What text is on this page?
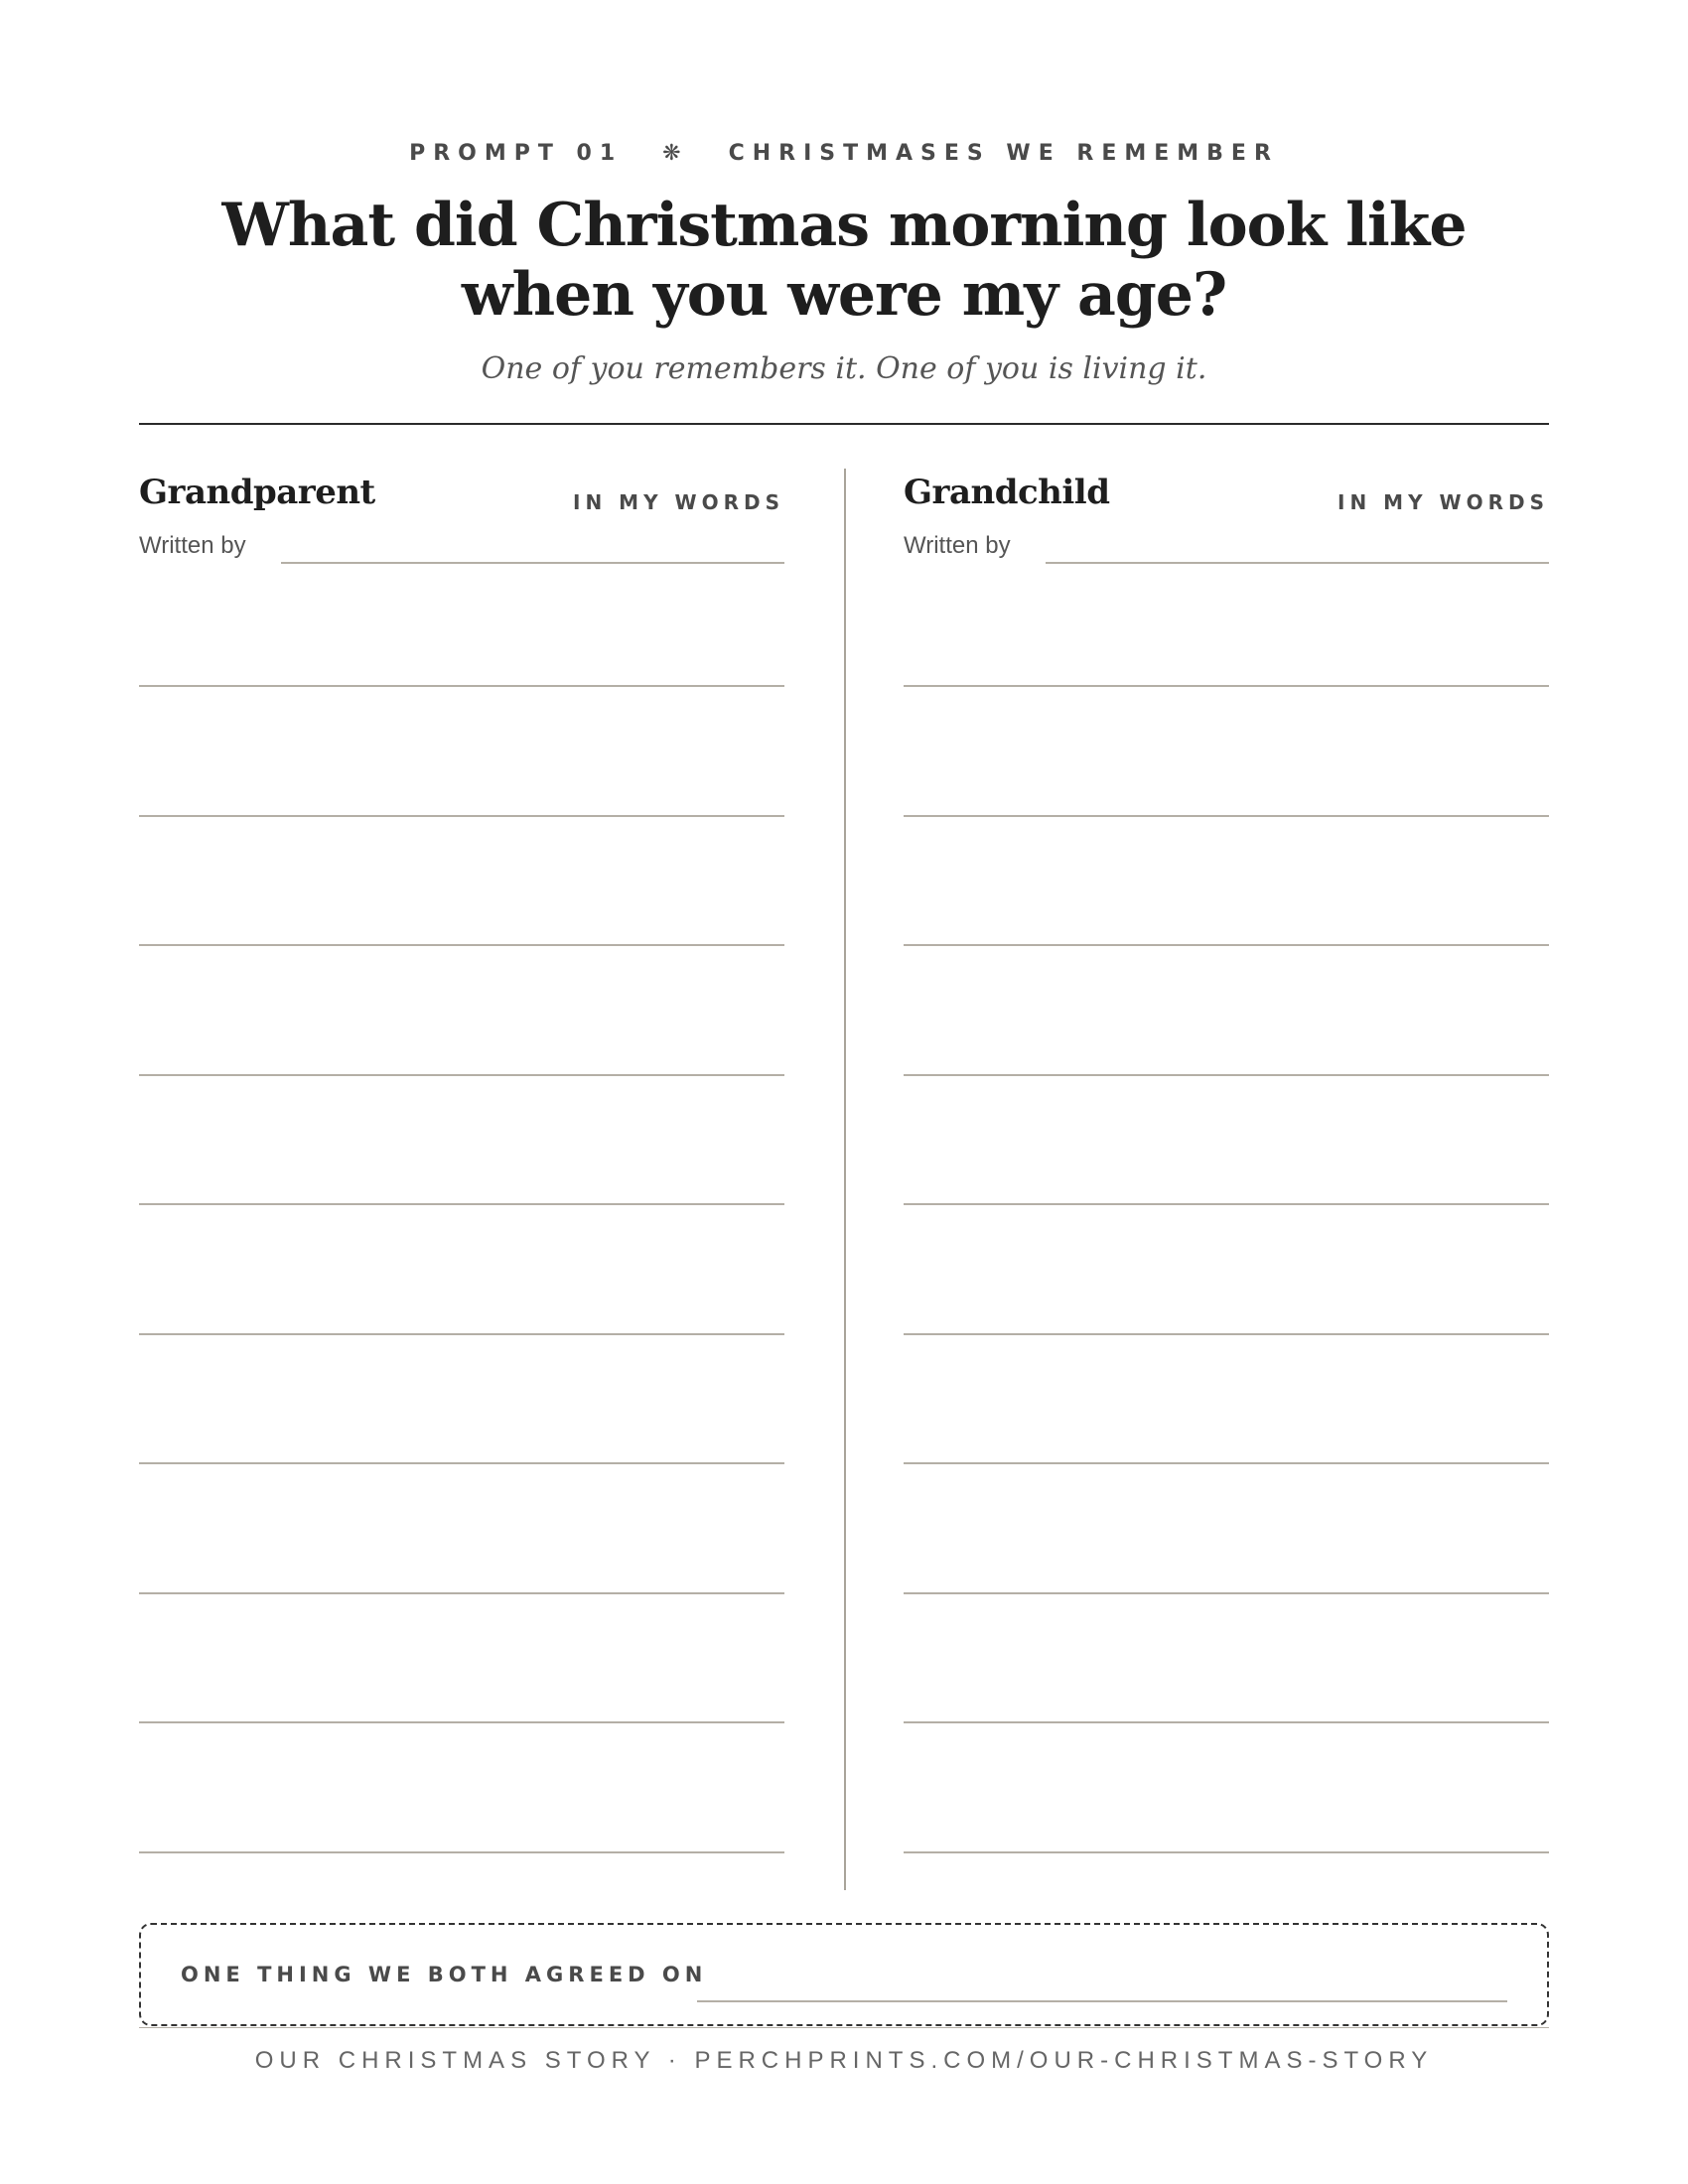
PROMPT 01 ❋ CHRISTMASES WE REMEMBER
What did Christmas morning look like when you were my age?
One of you remembers it. One of you is living it.
Grandparent	IN MY WORDS
Written by
Grandchild	IN MY WORDS
Written by
ONE THING WE BOTH AGREED ON
OUR CHRISTMAS STORY · PERCHPRINTS.COM/OUR-CHRISTMAS-STORY
